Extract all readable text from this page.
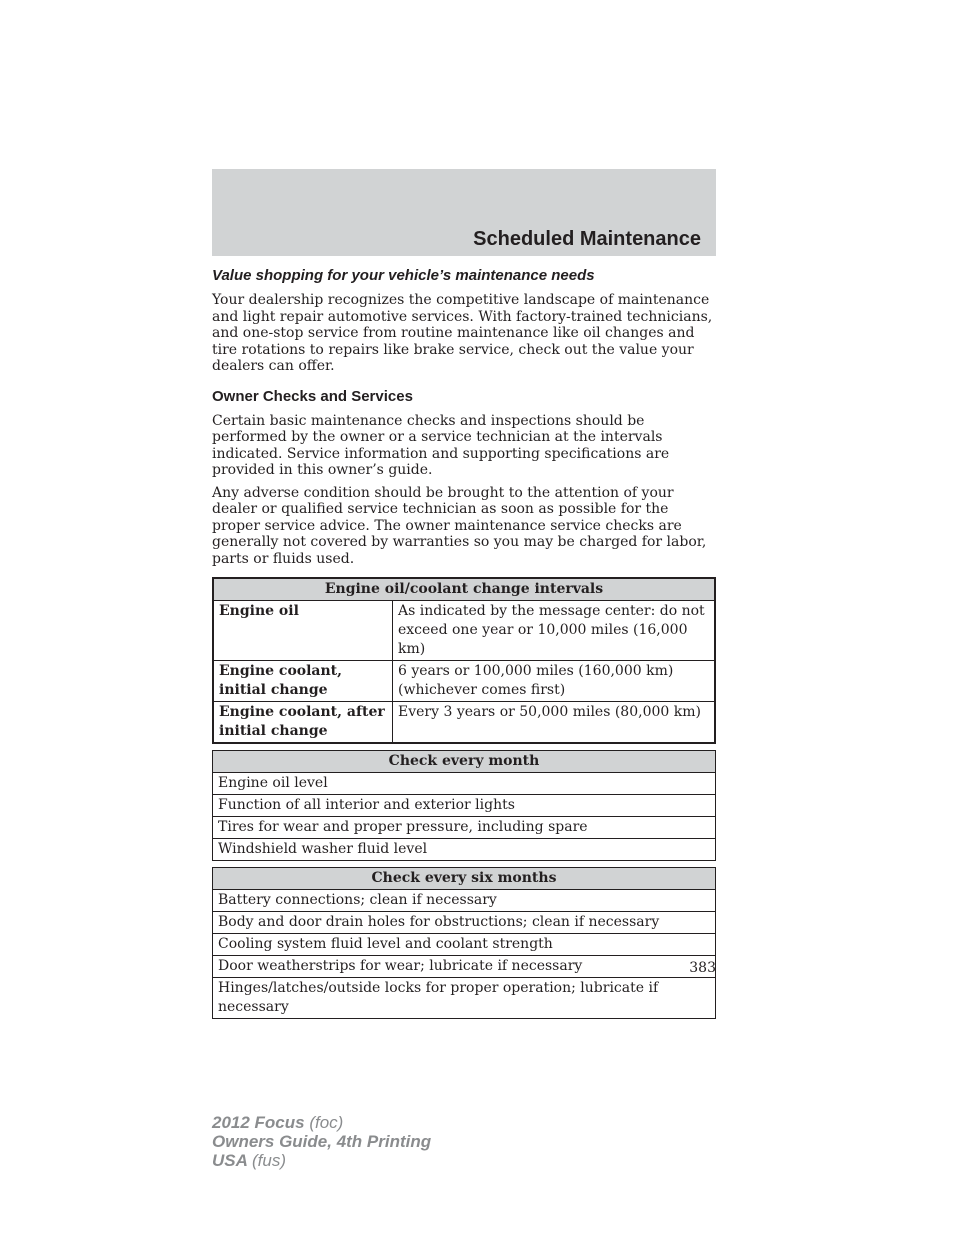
Scheduled Maintenance
Value shopping for your vehicle’s maintenance needs

Your dealership recognizes the competitive landscape of maintenance and light repair automotive services. With factory-trained technicians, and one-stop service from routine maintenance like oil changes and tire rotations to repairs like brake service, check out the value your dealers can offer.

Owner Checks and Services

Certain basic maintenance checks and inspections should be performed by the owner or a service technician at the intervals indicated. Service information and supporting specifications are provided in this owner’s guide.

Any adverse condition should be brought to the attention of your dealer or qualified service technician as soon as possible for the proper service advice. The owner maintenance service checks are generally not covered by warranties so you may be charged for labor, parts or fluids used.

Engine oil/coolant change intervals	
Engine oil	As indicated by the message center: do not exceed one year or 10,000 miles (16,000 km)
Engine coolant, initial change	6 years or 100,000 miles (160,000 km) (whichever comes first)
Engine coolant, after initial change	Every 3 years or 50,000 miles (80,000 km)
Check every month
Engine oil level
Function of all interior and exterior lights
Tires for wear and proper pressure, including spare
Windshield washer fluid level
Check every six months
Battery connections; clean if necessary
Body and door drain holes for obstructions; clean if necessary
Cooling system fluid level and coolant strength
Door weatherstrips for wear; lubricate if necessary
Hinges/latches/outside locks for proper operation; lubricate if necessary
383
2012 Focus (foc)
Owners Guide, 4th Printing
USA (fus)
